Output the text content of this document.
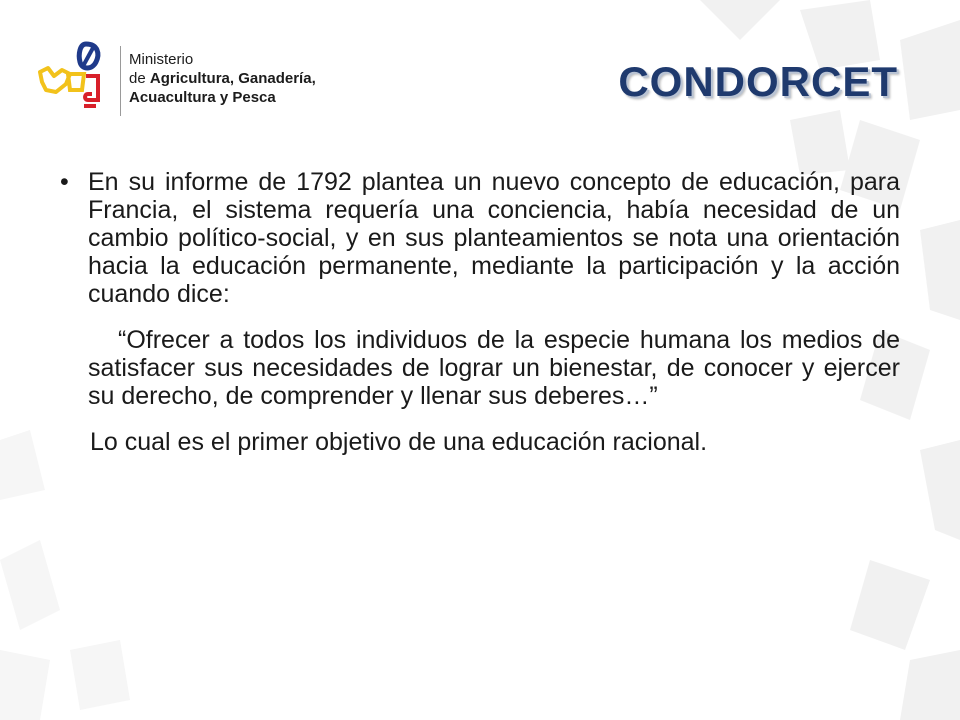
Ministerio
de Agricultura, Ganadería,
Acuacultura y Pesca	CONDORCET
• En su informe de 1792 plantea un nuevo concepto de educación, para Francia, el sistema requería una conciencia, había necesidad de un cambio político-social, y en sus planteamientos se nota una orientación hacia la educación permanente, mediante la participación y la acción cuando dice:
“Ofrecer a todos los individuos de la especie humana los medios de satisfacer sus necesidades de lograr un bienestar, de conocer y ejercer su derecho, de comprender y llenar sus deberes…”
Lo cual es el primer objetivo de una educación racional.
